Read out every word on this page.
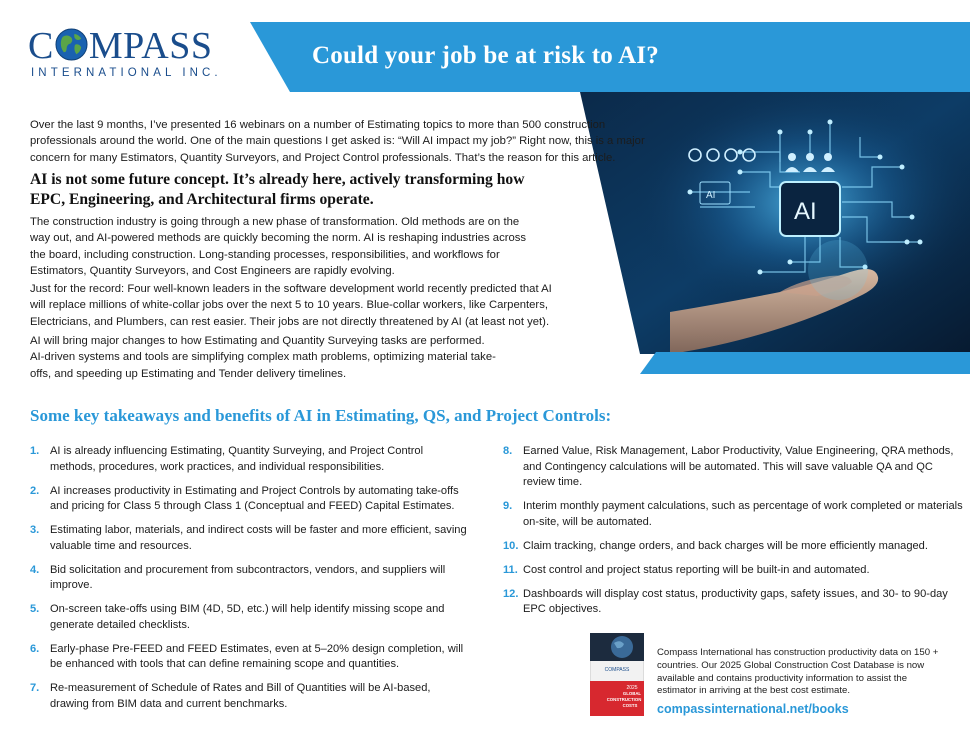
C MPASS
INTERNATIONAL INC.
Could your job be at risk to AI?
AI
AI

Over the last 9 months, I’ve presented 16 webinars on a number of Estimating topics to more than 500 construction professionals around the world. One of the main questions I get asked is: “Will AI impact my job?” Right now, this is a major concern for many Estimators, Quantity Surveyors, and Project Control professionals. That’s the reason for this article.

AI is not some future concept. It’s already here, actively transforming how EPC, Engineering, and Architectural firms operate.

The construction industry is going through a new phase of transformation. Old methods are on the way out, and AI-powered methods are quickly becoming the norm. AI is reshaping industries across the board, including construction. Long-standing processes, responsibilities, and workflows for Estimators, Quantity Surveyors, and Cost Engineers are rapidly evolving.

Just for the record: Four well-known leaders in the software development world recently predicted that AI will replace millions of white-collar jobs over the next 5 to 10 years. Blue-collar workers, like Carpenters, Electricians, and Plumbers, can rest easier. Their jobs are not directly threatened by AI (at least not yet).

AI will bring major changes to how Estimating and Quantity Surveying tasks are performed. AI-driven systems and tools are simplifying complex math problems, optimizing material take-offs, and speeding up Estimating and Tender delivery timelines.

Some key takeaways and benefits of AI in Estimating, QS, and Project Controls:
1. AI is already influencing Estimating, Quantity Surveying, and Project Control methods, procedures, work practices, and individual responsibilities.
2. AI increases productivity in Estimating and Project Controls by automating take-offs and pricing for Class 5 through Class 1 (Conceptual and FEED) Capital Estimates.
3. Estimating labor, materials, and indirect costs will be faster and more efficient, saving valuable time and resources.
4. Bid solicitation and procurement from subcontractors, vendors, and suppliers will improve.
5. On-screen take-offs using BIM (4D, 5D, etc.) will help identify missing scope and generate detailed checklists.
6. Early-phase Pre-FEED and FEED Estimates, even at 5–20% design completion, will be enhanced with tools that can define remaining scope and quantities.
7. Re-measurement of Schedule of Rates and Bill of Quantities will be AI-based, drawing from BIM data and current benchmarks.
8. Earned Value, Risk Management, Labor Productivity, Value Engineering, QRA methods, and Contingency calculations will be automated. This will save valuable QA and QC review time.
9. Interim monthly payment calculations, such as percentage of work completed or materials on-site, will be automated.
10. Claim tracking, change orders, and back charges will be more efficiently managed.
11. Cost control and project status reporting will be built-in and automated.
12. Dashboards will display cost status, productivity gaps, safety issues, and 30- to 90-day EPC objectives.
COMPASS
2025
GLOBAL
CONSTRUCTION
COSTS

Compass International has construction productivity data on 150 + countries. Our 2025 Global Construction Cost Database is now available and contains productivity information to assist the estimator in arriving at the best cost estimate.

compassinternational.net/books
